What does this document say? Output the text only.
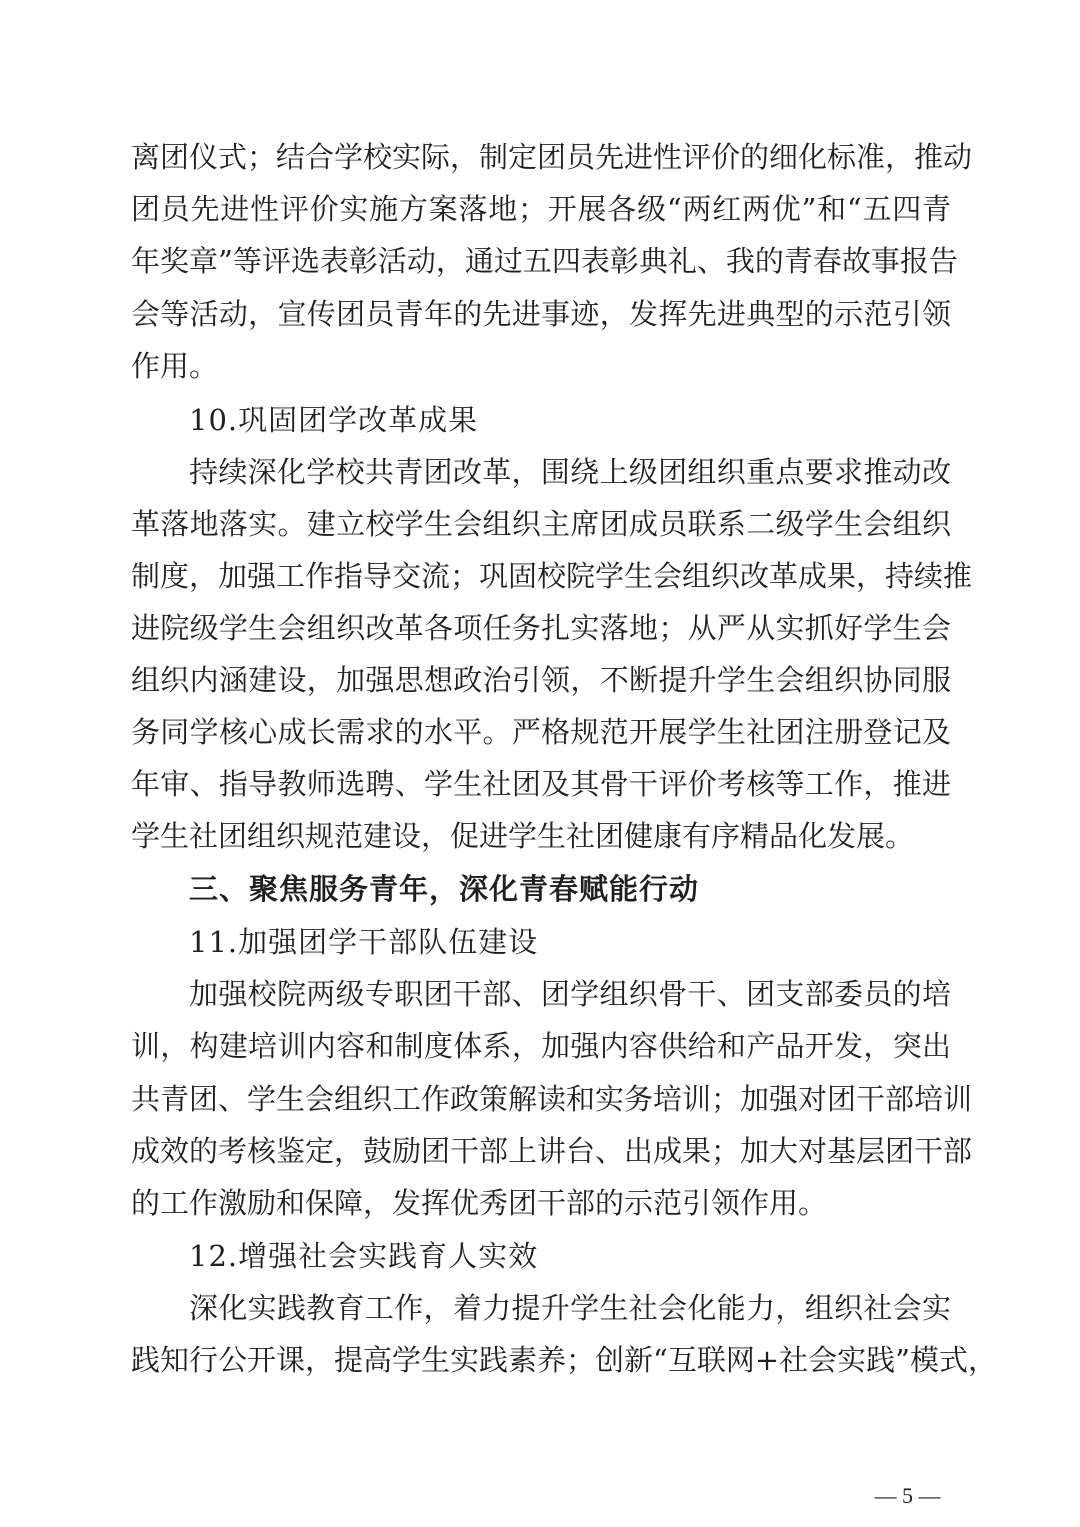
离团仪式；结合学校实际，制定团员先进性评价的细化标准，推动
团员先进性评价实施方案落地；开展各级“两红两优”和“五四青
年奖章”等评选表彰活动，通过五四表彰典礼、我的青春故事报告
会等活动，宣传团员青年的先进事迹，发挥先进典型的示范引领
作用。
10.巩固团学改革成果
持续深化学校共青团改革，围绕上级团组织重点要求推动改
革落地落实。建立校学生会组织主席团成员联系二级学生会组织
制度，加强工作指导交流；巩固校院学生会组织改革成果，持续推
进院级学生会组织改革各项任务扎实落地；从严从实抓好学生会
组织内涵建设，加强思想政治引领，不断提升学生会组织协同服
务同学核心成长需求的水平。严格规范开展学生社团注册登记及
年审、指导教师选聘、学生社团及其骨干评价考核等工作，推进
学生社团组织规范建设，促进学生社团健康有序精品化发展。
三、聚焦服务青年，深化青春赋能行动
11.加强团学干部队伍建设
加强校院两级专职团干部、团学组织骨干、团支部委员的培
训，构建培训内容和制度体系，加强内容供给和产品开发，突出
共青团、学生会组织工作政策解读和实务培训；加强对团干部培训
成效的考核鉴定，鼓励团干部上讲台、出成果；加大对基层团干部
的工作激励和保障，发挥优秀团干部的示范引领作用。
12.增强社会实践育人实效
深化实践教育工作，着力提升学生社会化能力，组织社会实
践知行公开课，提高学生实践素养；创新“互联网+社会实践”模式，
— 5 —
